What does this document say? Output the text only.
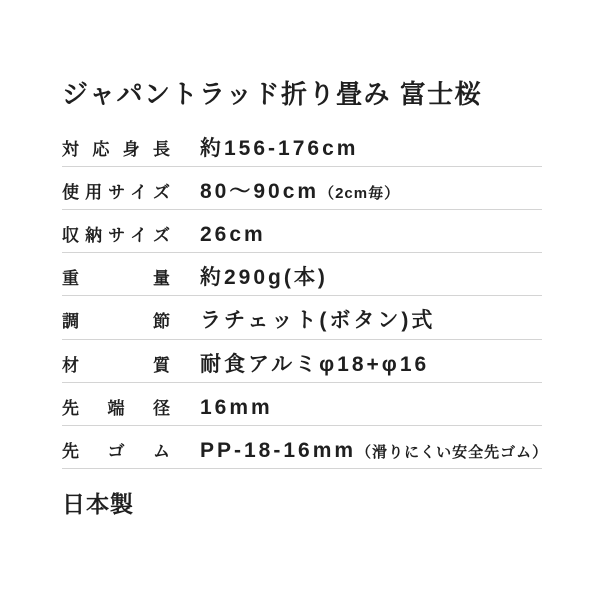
ジャパントラッド折り畳み 富士桜
対応身長 約156-176cm
使用サイズ 80〜90cm（2cm毎）
収納サイズ 26cm
重量 約290g(本)
調節 ラチェット(ボタン)式
材質 耐食アルミφ18+φ16
先端径 16mm
先ゴム PP-18-16mm（滑りにくい安全先ゴム）
日本製
